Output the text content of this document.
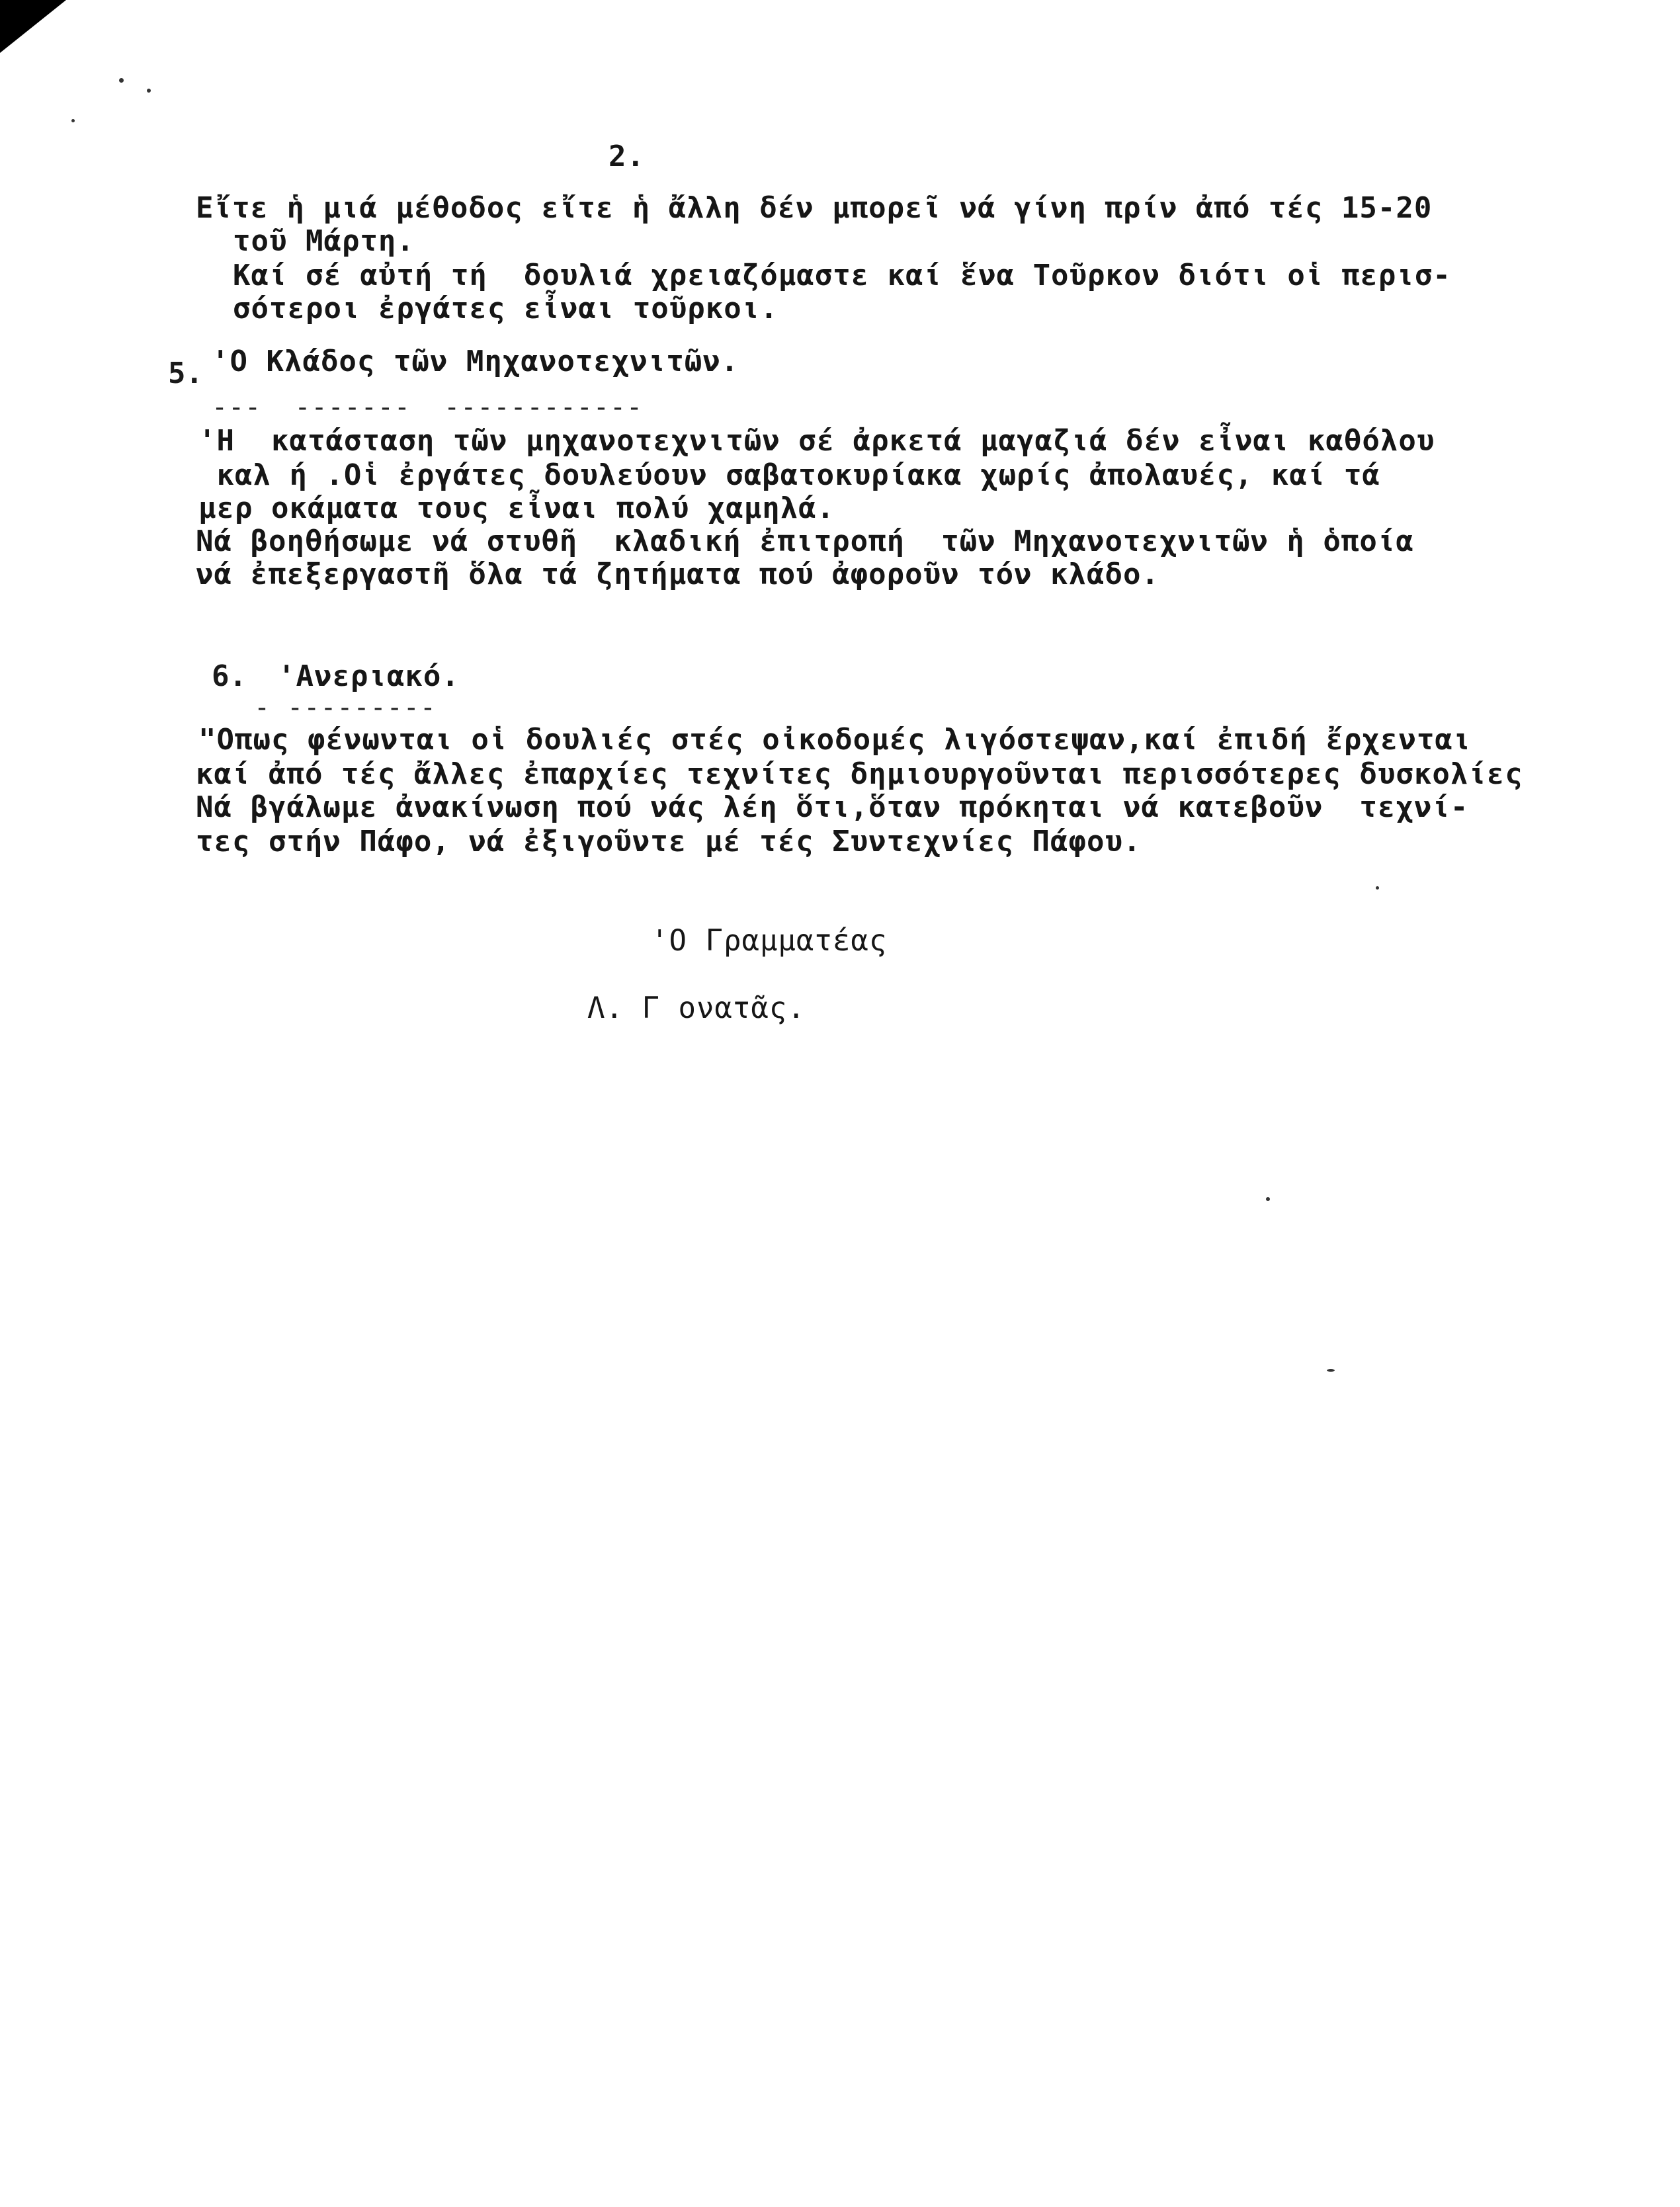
2.
Εἴτε ἡ μιά μέθοδος εἴτε ἡ ἄλλη δέν μπορεῖ νά γίνη πρίν ἀπό τές 15-20
τοῦ Μάρτη.
Καί σέ αὐτή τή  δουλιά χρειαζόμαστε καί ἕνα Τοῦρκον διότι οἱ περισ-
σότεροι ἐργάτες εἶναι τοῦρκοι.
5. 'Ο Κλάδος τῶν Μηχανοτεχνιτῶν.
---  -------  ------------
'Η  κατάσταση τῶν μηχανοτεχνιτῶν σέ ἀρκετά μαγαζιά δέν εἶναι καθόλου
καλ ή .Οἱ ἐργάτες δουλεύουν σαβατοκυρίακα χωρίς ἀπολαυές, καί τά
μερ οκάματα τους εἶναι πολύ χαμηλά.
Νά βοηθήσωμε νά στυθῆ  κλαδική ἐπιτροπή  τῶν Μηχανοτεχνιτῶν ἡ ὁποία
νά ἐπεξεργαστῆ ὅλα τά ζητήματα πού ἀφοροῦν τόν κλάδο.
6. 'Ανεριακό.
- ---------
"Οπως φένωνται οἱ δουλιές στές οἰκοδομές λιγόστεψαν,καί ἐπιδή ἔρχενται
καί ἀπό τές ἄλλες ἐπαρχίες τεχνίτες δημιουργοῦνται περισσότερες δυσκολίες
Νά βγάλωμε ἀνακίνωση πού νάς λέη ὅτι,ὅταν πρόκηται νά κατεβοῦν  τεχνί-
τες στήν Πάφο, νά ἐξιγοῦντε μέ τές Συντεχνίες Πάφου.
'Ο Γραμματέας
Λ. Γ ονατᾶς.
